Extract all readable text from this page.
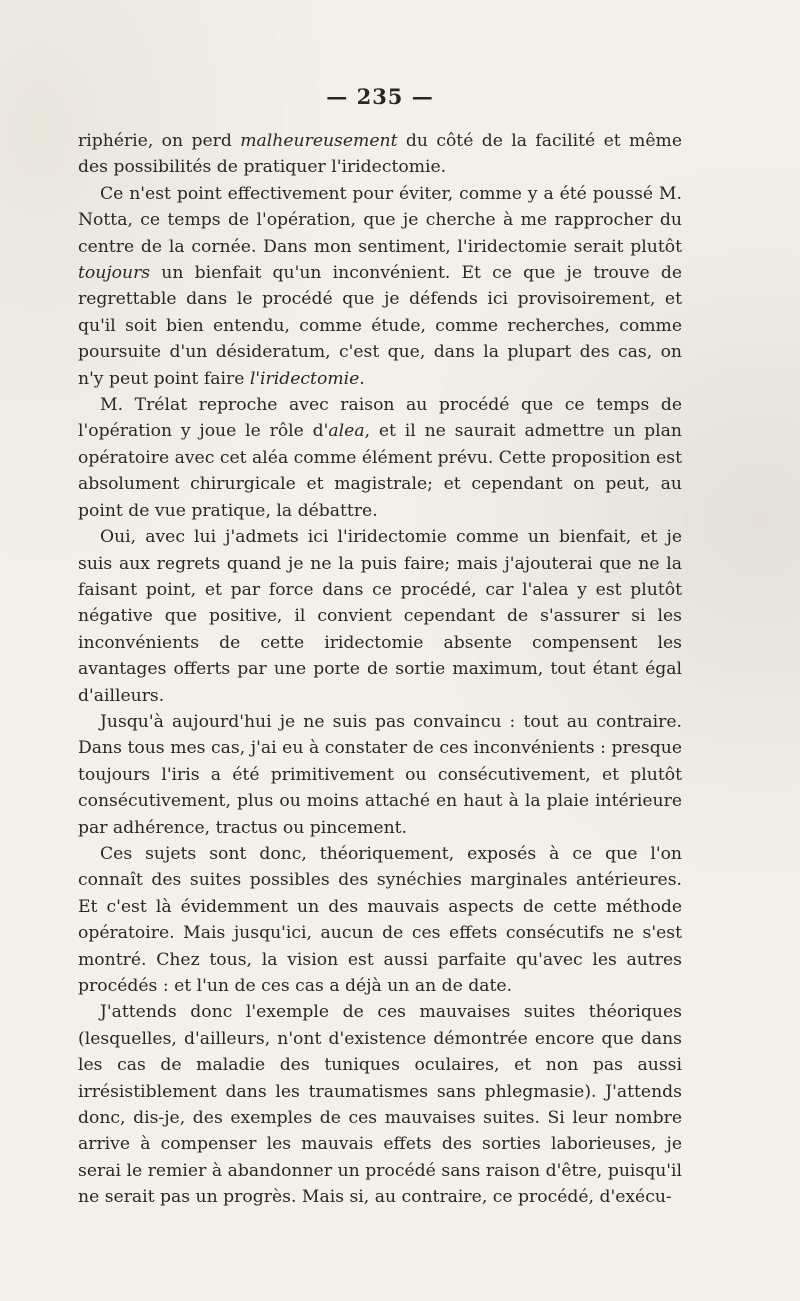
— 235 —

riphérie, on perd malheureusement du côté de la facilité et même des possibilités de pratiquer l'iridectomie.

Ce n'est point effectivement pour éviter, comme y a été poussé M. Notta, ce temps de l'opération, que je cherche à me rapprocher du centre de la cornée. Dans mon sentiment, l'iridectomie serait plutôt toujours un bienfait qu'un inconvénient. Et ce que je trouve de regrettable dans le procédé que je défends ici provisoirement, et qu'il soit bien entendu, comme étude, comme recherches, comme poursuite d'un désideratum, c'est que, dans la plupart des cas, on n'y peut point faire l'iridectomie.

M. Trélat reproche avec raison au procédé que ce temps de l'opération y joue le rôle d'alea, et il ne saurait admettre un plan opératoire avec cet aléa comme élément prévu. Cette proposition est absolument chirurgicale et magistrale; et cependant on peut, au point de vue pratique, la débattre.

Oui, avec lui j'admets ici l'iridectomie comme un bienfait, et je suis aux regrets quand je ne la puis faire; mais j'ajouterai que ne la faisant point, et par force dans ce procédé, car l'alea y est plutôt négative que positive, il convient cependant de s'assurer si les inconvénients de cette iridectomie absente compensent les avantages offerts par une porte de sortie maximum, tout étant égal d'ailleurs.

Jusqu'à aujourd'hui je ne suis pas convaincu : tout au contraire. Dans tous mes cas, j'ai eu à constater de ces inconvénients : presque toujours l'iris a été primitivement ou consécutivement, et plutôt consécutivement, plus ou moins attaché en haut à la plaie intérieure par adhérence, tractus ou pincement.

Ces sujets sont donc, théoriquement, exposés à ce que l'on connaît des suites possibles des synéchies marginales antérieures. Et c'est là évidemment un des mauvais aspects de cette méthode opératoire. Mais jusqu'ici, aucun de ces effets consécutifs ne s'est montré. Chez tous, la vision est aussi parfaite qu'avec les autres procédés : et l'un de ces cas a déjà un an de date.

J'attends donc l'exemple de ces mauvaises suites théoriques (lesquelles, d'ailleurs, n'ont d'existence démontrée encore que dans les cas de maladie des tuniques oculaires, et non pas aussi irrésistiblement dans les traumatismes sans phlegmasie). J'attends donc, dis-je, des exemples de ces mauvaises suites. Si leur nombre arrive à compenser les mauvais effets des sorties laborieuses, je serai le remier à abandonner un procédé sans raison d'être, puisqu'il ne serait pas un progrès. Mais si, au contraire, ce procédé, d'exécu-
